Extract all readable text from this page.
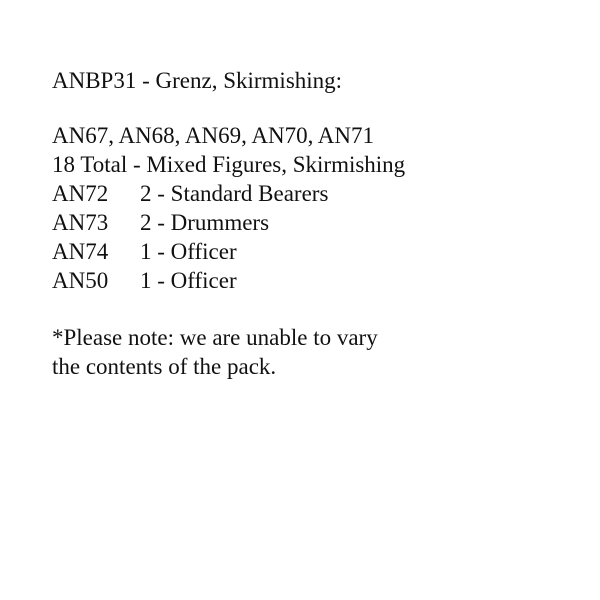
ANBP31 - Grenz, Skirmishing:
AN67, AN68, AN69, AN70, AN71
18 Total - Mixed Figures, Skirmishing
AN72	2 - Standard Bearers
AN73	2 - Drummers
AN74	1 - Officer
AN50	1 - Officer
*Please note: we are unable to vary
the contents of the pack.
